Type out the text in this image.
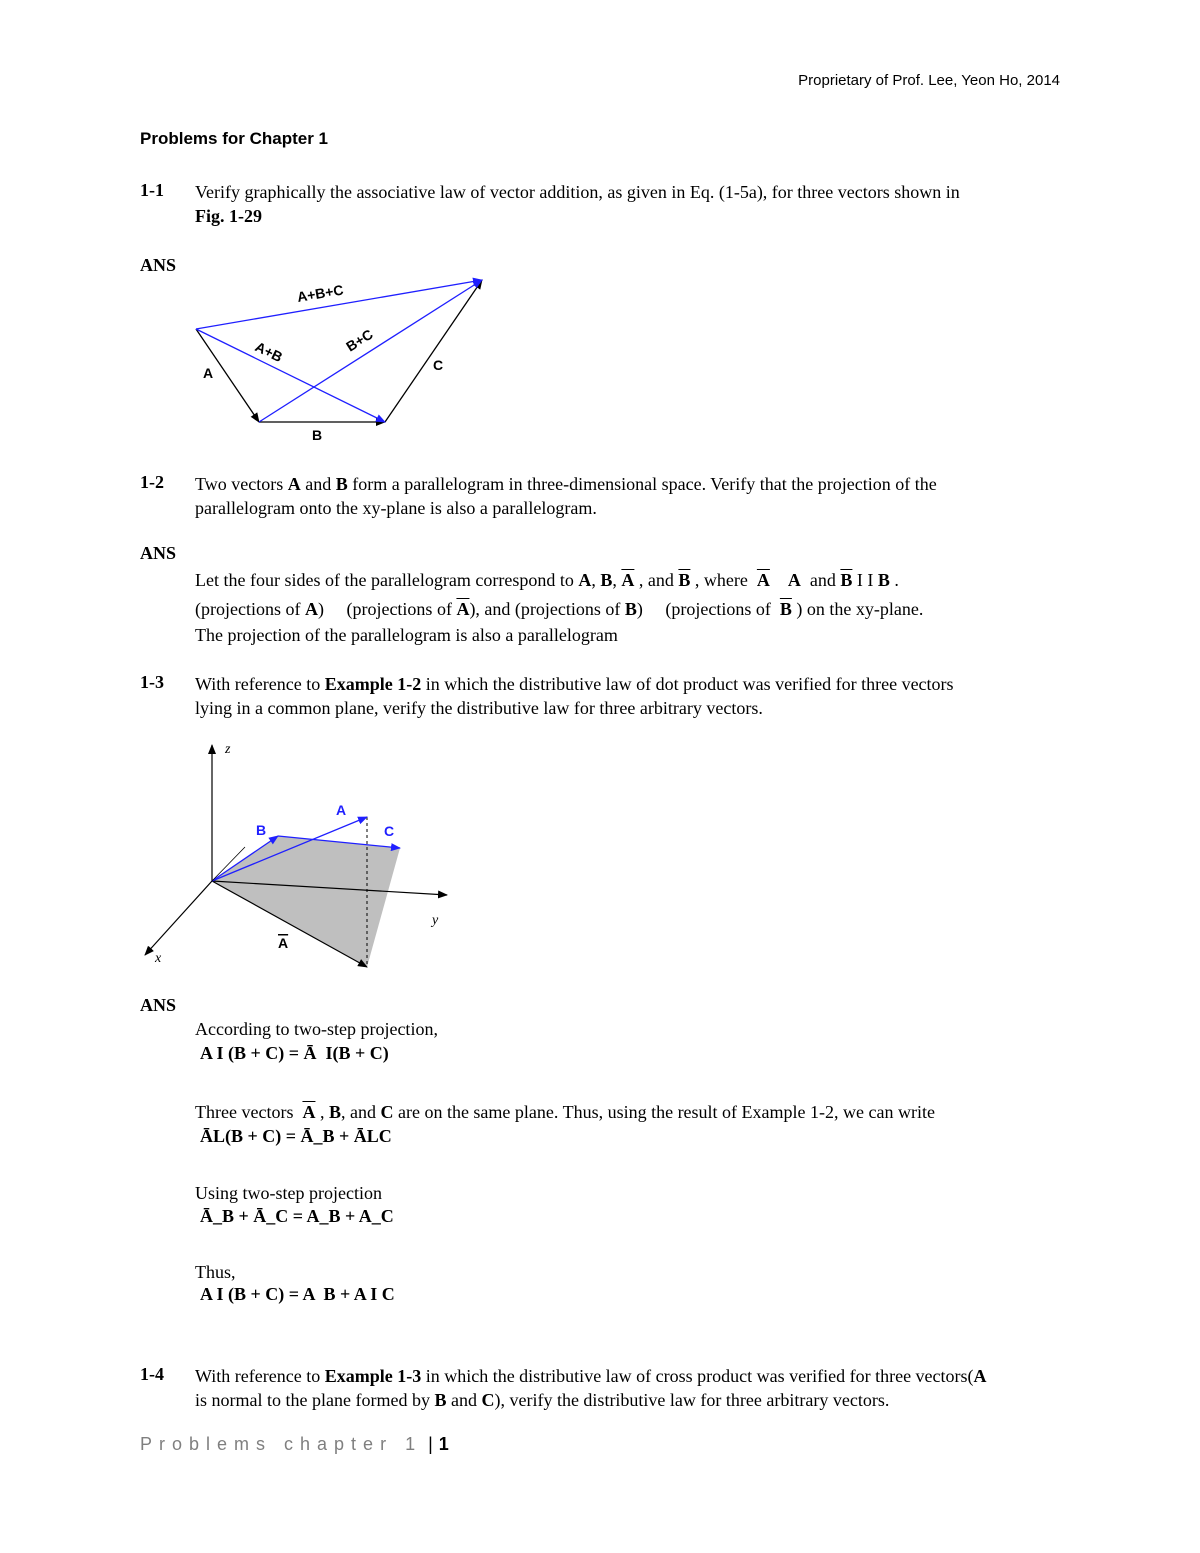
Proprietary of Prof. Lee, Yeon Ho, 2014
Problems for Chapter 1
1-1 Verify graphically the associative law of vector addition, as given in Eq. (1-5a), for three vectors shown in
Fig. 1-29
ANS
A+B+C
A+B	B+C
A
B
C
1-2 Two vectors A and B form a parallelogram in three-dimensional space. Verify that the projection of the
parallelogram onto the xy-plane is also a parallelogram.
ANS
Let the four sides of the parallelogram correspond to A, B, $\overline{A}$ , and $\overline{B}$ , where  $\overline{A}$ A  and $\overline{B}$ I I B .
(projections of A)     (projections of $\overline{A}$), and (projections of B)     (projections of  $\overline{B}$ ) on the xy-plane.
The projection of the parallelogram is also a parallelogram
1-3 With reference to Example 1-2 in which the distributive law of dot product was verified for three vectors
lying in a common plane, verify the distributive law for three arbitrary vectors.
z
y
x
A
B	C
A
ANS
According to two-step projection,
A I (B + C) = Ā  I(B + C)
Three vectors  $\overline{A}$ , B, and C are on the same plane. Thus, using the result of Example 1-2, we can write
ĀL(B + C) = Ā_B + ĀLC
Using two-step projection
Ā_B + Ā_C = A_B + A_C
Thus,
A I (B + C) = A  B + A I C
1-4 With reference to Example 1-3 in which the distributive law of cross product was verified for three vectors(A
is normal to the plane formed by B and C), verify the distributive law for three arbitrary vectors.
Problems chapter 1 | 1
